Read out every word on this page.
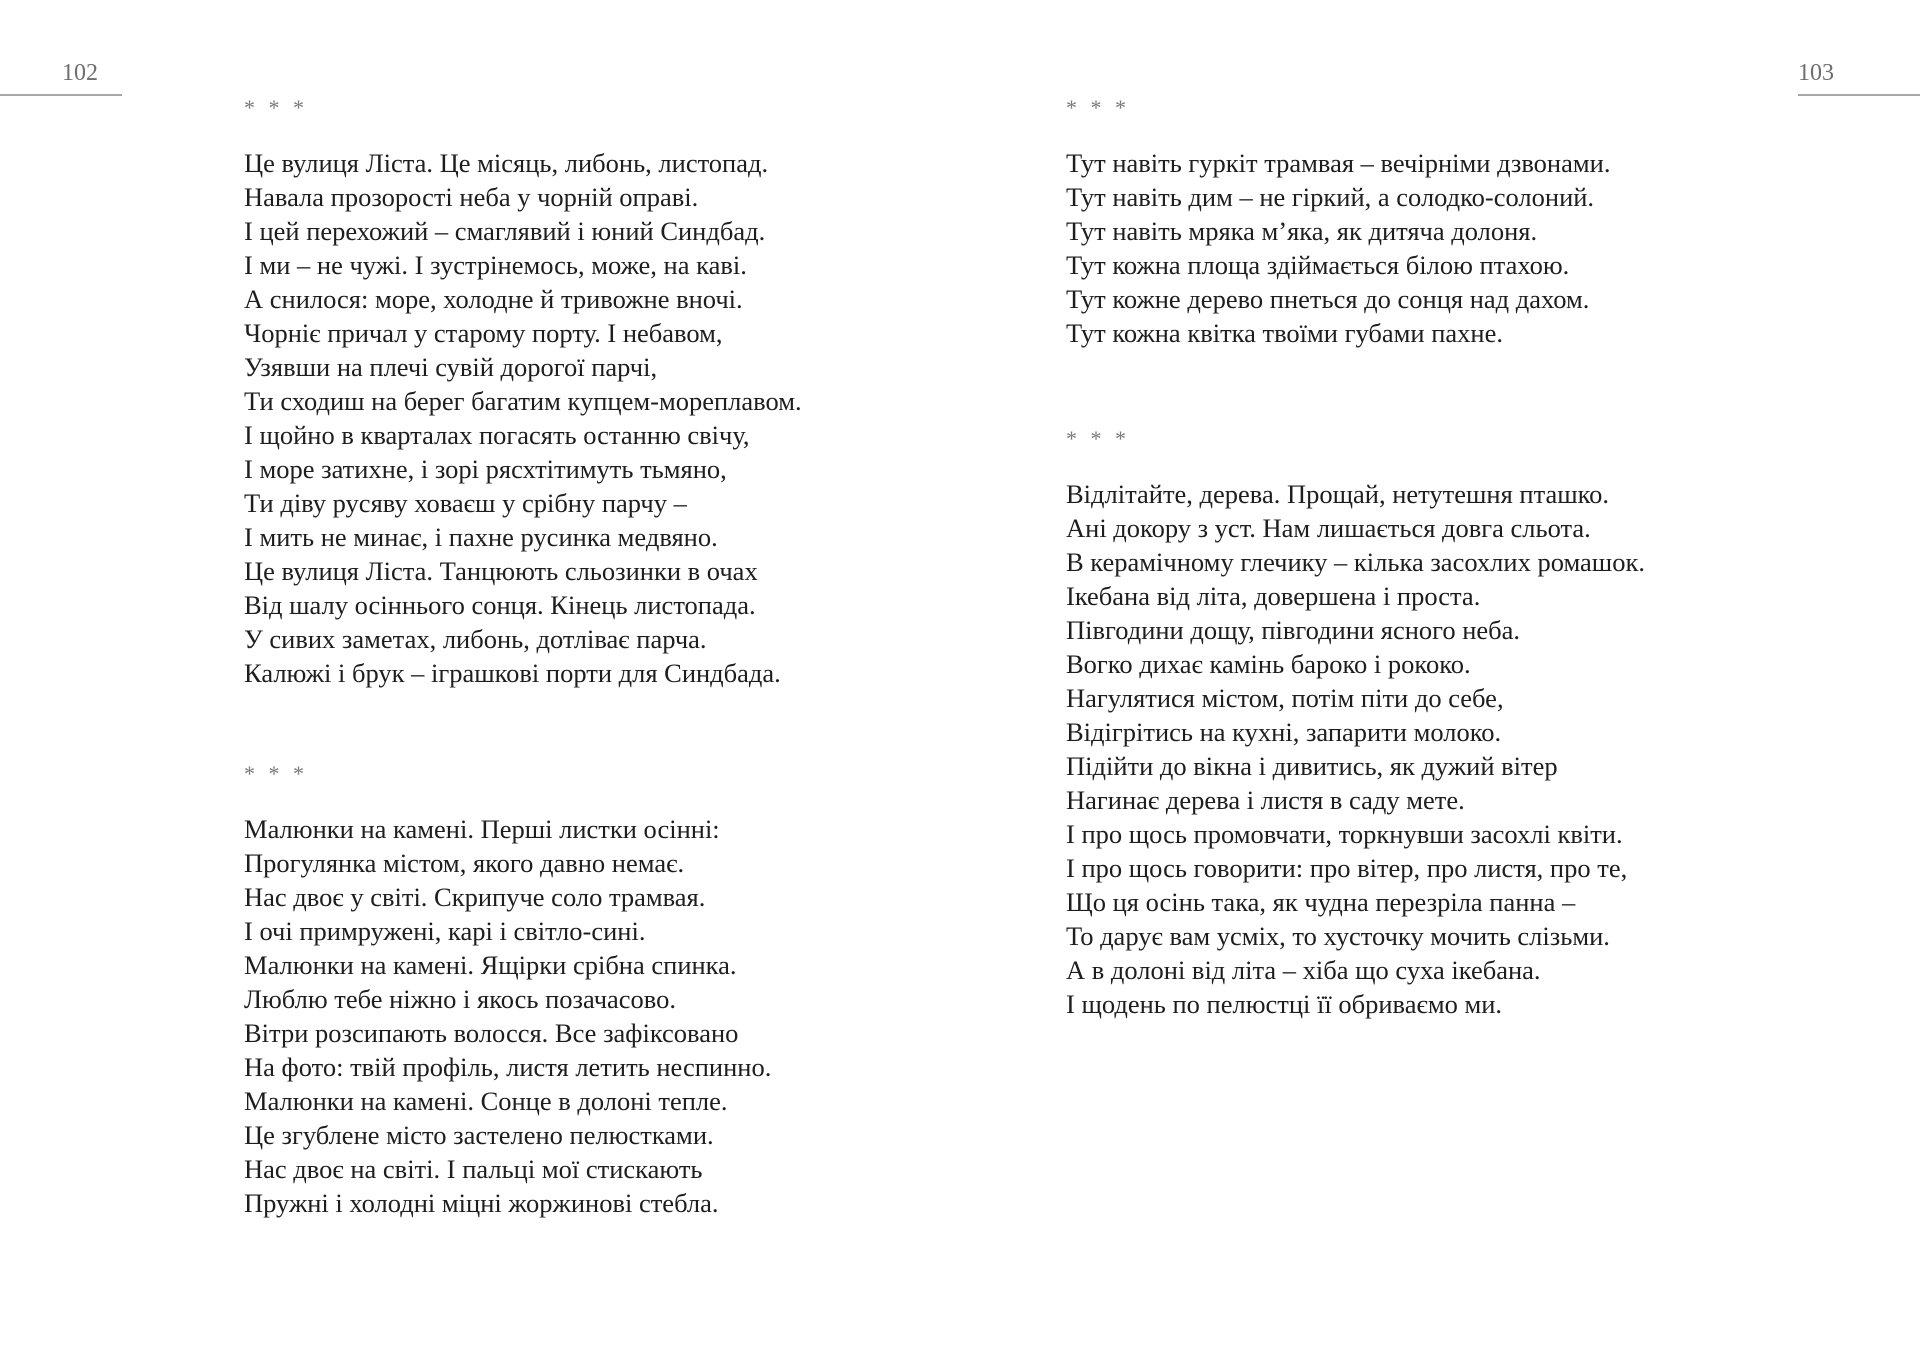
102
* * *
Це вулиця Ліста. Це місяць, либонь, листопад.
Навала прозорості неба у чорній оправі.
І цей перехожий – смаглявий і юний Синдбад.
І ми – не чужі. І зустрінемось, може, на каві.
А снилося: море, холодне й тривожне вночі.
Чорніє причал у старому порту. І небавом,
Узявши на плечі сувій дорогої парчі,
Ти сходиш на берег багатим купцем-мореплавом.
І щойно в кварталах погасять останню свічу,
І море затихне, і зорі рясхтітимуть тьмяно,
Ти діву русяву ховаєш у срібну парчу –
І мить не минає, і пахне русинка медвяно.
Це вулиця Ліста. Танцюють сльозинки в очах
Від шалу осіннього сонця. Кінець листопада.
У сивих заметах, либонь, дотліває парча.
Калюжі і брук – іграшкові порти для Синдбада.
* * *
Малюнки на камені. Перші листки осінні:
Прогулянка містом, якого давно немає.
Нас двоє у світі. Скрипуче соло трамвая.
І очі примружені, карі і світло-сині.
Малюнки на камені. Ящірки срібна спинка.
Люблю тебе ніжно і якось позачасово.
Вітри розсипають волосся. Все зафіксовано
На фото: твій профіль, листя летить неспинно.
Малюнки на камені. Сонце в долоні тепле.
Це згублене місто застелено пелюстками.
Нас двоє на світі. І пальці мої стискають
Пружні і холодні міцні жоржинові стебла.
103
* * *
Тут навіть гуркіт трамвая – вечірніми дзвонами.
Тут навіть дим – не гіркий, а солодко-солоний.
Тут навіть мряка м’яка, як дитяча долоня.
Тут кожна площа здіймається білою птахою.
Тут кожне дерево пнеться до сонця над дахом.
Тут кожна квітка твоїми губами пахне.
* * *
Відлітайте, дерева. Прощай, нетутешня пташко.
Ані докору з уст. Нам лишається довга сльота.
В керамічному глечику – кілька засохлих ромашок.
Ікебана від літа, довершена і проста.
Півгодини дощу, півгодини ясного неба.
Вогко дихає камінь бароко і рококо.
Нагулятися містом, потім піти до себе,
Відігрітись на кухні, запарити молоко.
Підійти до вікна і дивитись, як дужий вітер
Нагинає дерева і листя в саду мете.
І про щось промовчати, торкнувши засохлі квіти.
І про щось говорити: про вітер, про листя, про те,
Що ця осінь така, як чудна перезріла панна –
То дарує вам усміх, то хусточку мочить слізьми.
А в долоні від літа – хіба що суха ікебана.
І щодень по пелюстці її обриваємо ми.
